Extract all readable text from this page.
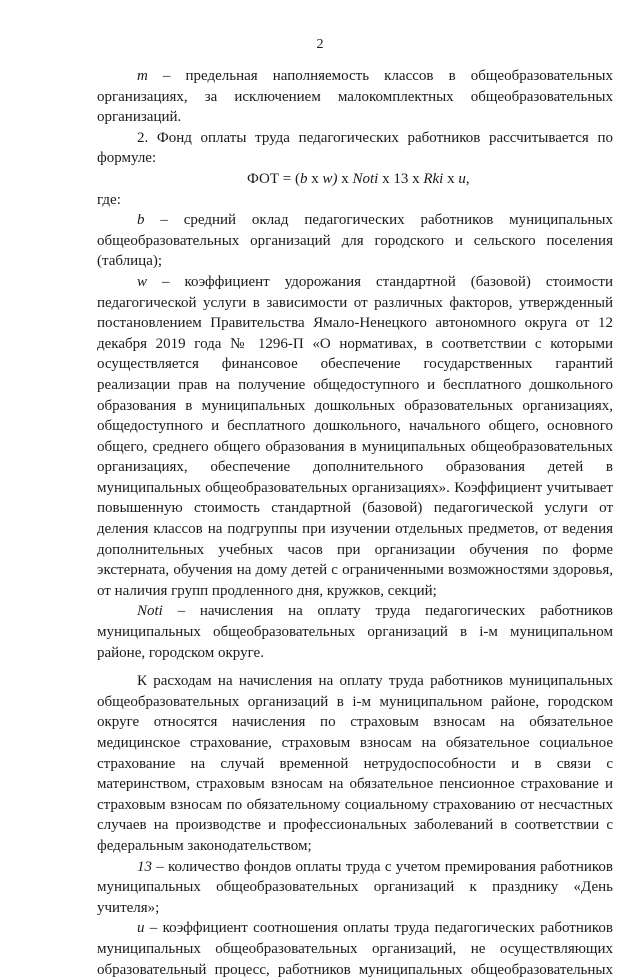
2

m – предельная наполняемость классов в общеобразовательных

организациях, за исключением малокомплектных общеобразовательных

организаций.

2. Фонд оплаты труда педагогических работников рассчитывается по

формуле:

ФОТ = (b x w) x Noti x 13 x Rki x u,

где:

b – средний оклад педагогических работников муниципальных

общеобразовательных организаций для городского и сельского поселения

(таблица);

w – коэффициент удорожания стандартной (базовой) стоимости

педагогической услуги в зависимости от различных факторов, утвержденный

постановлением Правительства Ямало-Ненецкого автономного округа от 12

декабря 2019 года № 1296-П «О нормативах, в соответствии с которыми

осуществляется финансовое обеспечение государственных гарантий

реализации прав на получение общедоступного и бесплатного дошкольного

образования в муниципальных дошкольных образовательных организациях,

общедоступного и бесплатного дошкольного, начального общего, основного

общего, среднего общего образования в муниципальных общеобразовательных

организациях, обеспечение дополнительного образования детей в

муниципальных общеобразовательных организациях». Коэффициент учитывает

повышенную стоимость стандартной (базовой) педагогической услуги от

деления классов на подгруппы при изучении отдельных предметов, от ведения

дополнительных учебных часов при организации обучения по форме

экстерната, обучения на дому детей с ограниченными возможностями здоровья,

от наличия групп продленного дня, кружков, секций;

Noti – начисления на оплату труда педагогических работников

муниципальных общеобразовательных организаций в i-м муниципальном

районе, городском округе.

К расходам на начисления на оплату труда работников муниципальных

общеобразовательных организаций в i-м муниципальном районе, городском

округе относятся начисления по страховым взносам на обязательное

медицинское страхование, страховым взносам на обязательное социальное

страхование на случай временной нетрудоспособности и в связи с

материнством, страховым взносам на обязательное пенсионное страхование и

страховым взносам по обязательному социальному страхованию от несчастных

случаев на производстве и профессиональных заболеваний в соответствии с

федеральным законодательством;

13 – количество фондов оплаты труда с учетом премирования работников

муниципальных общеобразовательных организаций к празднику «День

учителя»;

u – коэффициент соотношения оплаты труда педагогических работников

муниципальных общеобразовательных организаций, не осуществляющих

образовательный процесс, работников муниципальных общеобразовательных
